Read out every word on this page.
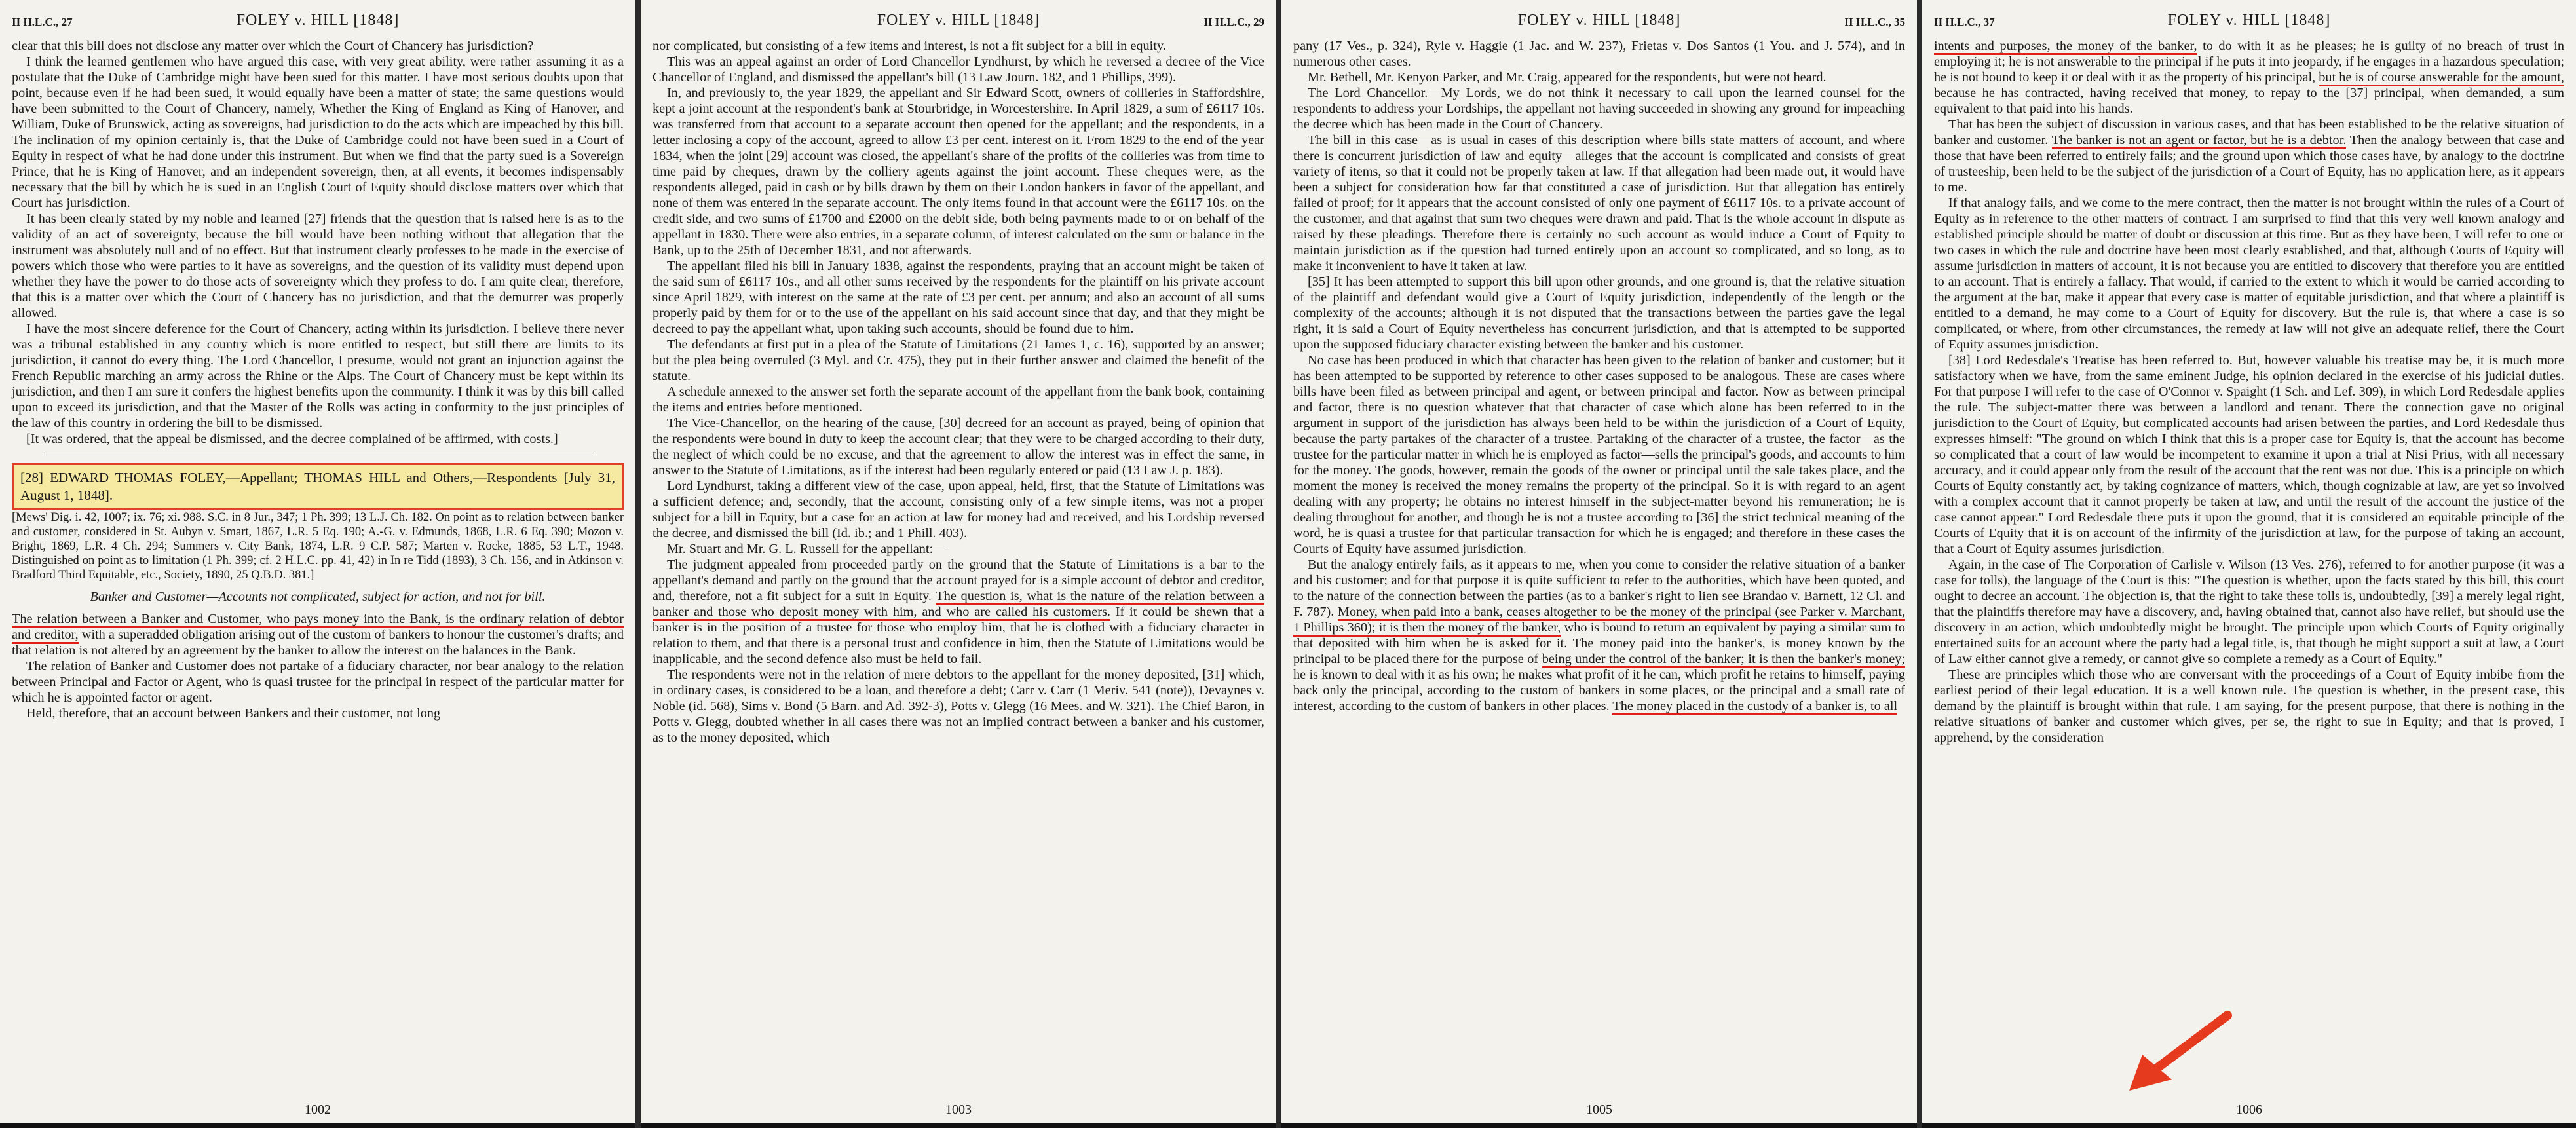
II H.L.C., 27	FOLEY v. HILL [1848]

clear that this bill does not disclose any matter over which the Court of Chancery has jurisdiction?

I think the learned gentlemen who have argued this case, with very great ability, were rather assuming it as a postulate that the Duke of Cambridge might have been sued for this matter. I have most serious doubts upon that point, because even if he had been sued, it would equally have been a matter of state; the same questions would have been submitted to the Court of Chancery, namely, Whether the King of England as King of Hanover, and William, Duke of Brunswick, acting as sovereigns, had jurisdiction to do the acts which are impeached by this bill. The inclination of my opinion certainly is, that the Duke of Cambridge could not have been sued in a Court of Equity in respect of what he had done under this instrument. But when we find that the party sued is a Sovereign Prince, that he is King of Hanover, and an independent sovereign, then, at all events, it becomes indispensably necessary that the bill by which he is sued in an English Court of Equity should disclose matters over which that Court has jurisdiction.

It has been clearly stated by my noble and learned [27] friends that the question that is raised here is as to the validity of an act of sovereignty, because the bill would have been nothing without that allegation that the instrument was absolutely null and of no effect. But that instrument clearly professes to be made in the exercise of powers which those who were parties to it have as sovereigns, and the question of its validity must depend upon whether they have the power to do those acts of sovereignty which they profess to do. I am quite clear, therefore, that this is a matter over which the Court of Chancery has no jurisdiction, and that the demurrer was properly allowed.

I have the most sincere deference for the Court of Chancery, acting within its jurisdiction. I believe there never was a tribunal established in any country which is more entitled to respect, but still there are limits to its jurisdiction, it cannot do every thing. The Lord Chancellor, I presume, would not grant an injunction against the French Republic marching an army across the Rhine or the Alps. The Court of Chancery must be kept within its jurisdiction, and then I am sure it confers the highest benefits upon the community. I think it was by this bill called upon to exceed its jurisdiction, and that the Master of the Rolls was acting in conformity to the just principles of the law of this country in ordering the bill to be dismissed.

[It was ordered, that the appeal be dismissed, and the decree complained of be affirmed, with costs.]

[28] EDWARD THOMAS FOLEY,—Appellant; THOMAS HILL and Others,—Respondents [July 31, August 1, 1848].

[Mews' Dig. i. 42, 1007; ix. 76; xi. 988. S.C. in 8 Jur., 347; 1 Ph. 399; 13 L.J. Ch. 182. On point as to relation between banker and customer, considered in St. Aubyn v. Smart, 1867, L.R. 5 Eq. 190; A.-G. v. Edmunds, 1868, L.R. 6 Eq. 390; Mozon v. Bright, 1869, L.R. 4 Ch. 294; Summers v. City Bank, 1874, L.R. 9 C.P. 587; Marten v. Rocke, 1885, 53 L.T., 1948. Distinguished on point as to limitation (1 Ph. 399; cf. 2 H.L.C. pp. 41, 42) in In re Tidd (1893), 3 Ch. 156, and in Atkinson v. Bradford Third Equitable, etc., Society, 1890, 25 Q.B.D. 381.]

Banker and Customer—Accounts not complicated, subject for action, and not for bill.

The relation between a Banker and Customer, who pays money into the Bank, is the ordinary relation of debtor and creditor, with a superadded obligation arising out of the custom of bankers to honour the customer's drafts; and that relation is not altered by an agreement by the banker to allow the interest on the balances in the Bank.

The relation of Banker and Customer does not partake of a fiduciary character, nor bear analogy to the relation between Principal and Factor or Agent, who is quasi trustee for the principal in respect of the particular matter for which he is appointed factor or agent.

Held, therefore, that an account between Bankers and their customer, not long

1002
FOLEY v. HILL [1848]	II H.L.C., 29

nor complicated, but consisting of a few items and interest, is not a fit subject for a bill in equity.

This was an appeal against an order of Lord Chancellor Lyndhurst, by which he reversed a decree of the Vice Chancellor of England, and dismissed the appellant's bill (13 Law Journ. 182, and 1 Phillips, 399).

In, and previously to, the year 1829, the appellant and Sir Edward Scott, owners of collieries in Staffordshire, kept a joint account at the respondent's bank at Stourbridge, in Worcestershire. In April 1829, a sum of £6117 10s. was transferred from that account to a separate account then opened for the appellant; and the respondents, in a letter inclosing a copy of the account, agreed to allow £3 per cent. interest on it. From 1829 to the end of the year 1834, when the joint [29] account was closed, the appellant's share of the profits of the collieries was from time to time paid by cheques, drawn by the colliery agents against the joint account. These cheques were, as the respondents alleged, paid in cash or by bills drawn by them on their London bankers in favor of the appellant, and none of them was entered in the separate account. The only items found in that account were the £6117 10s. on the credit side, and two sums of £1700 and £2000 on the debit side, both being payments made to or on behalf of the appellant in 1830. There were also entries, in a separate column, of interest calculated on the sum or balance in the Bank, up to the 25th of December 1831, and not afterwards.

The appellant filed his bill in January 1838, against the respondents, praying that an account might be taken of the said sum of £6117 10s., and all other sums received by the respondents for the plaintiff on his private account since April 1829, with interest on the same at the rate of £3 per cent. per annum; and also an account of all sums properly paid by them for or to the use of the appellant on his said account since that day, and that they might be decreed to pay the appellant what, upon taking such accounts, should be found due to him.

The defendants at first put in a plea of the Statute of Limitations (21 James 1, c. 16), supported by an answer; but the plea being overruled (3 Myl. and Cr. 475), they put in their further answer and claimed the benefit of the statute.

A schedule annexed to the answer set forth the separate account of the appellant from the bank book, containing the items and entries before mentioned.

The Vice-Chancellor, on the hearing of the cause, [30] decreed for an account as prayed, being of opinion that the respondents were bound in duty to keep the account clear; that they were to be charged according to their duty, the neglect of which could be no excuse, and that the agreement to allow the interest was in effect the same, in answer to the Statute of Limitations, as if the interest had been regularly entered or paid (13 Law J. p. 183).

Lord Lyndhurst, taking a different view of the case, upon appeal, held, first, that the Statute of Limitations was a sufficient defence; and, secondly, that the account, consisting only of a few simple items, was not a proper subject for a bill in Equity, but a case for an action at law for money had and received, and his Lordship reversed the decree, and dismissed the bill (Id. ib.; and 1 Phill. 403).

Mr. Stuart and Mr. G. L. Russell for the appellant:—

The judgment appealed from proceeded partly on the ground that the Statute of Limitations is a bar to the appellant's demand and partly on the ground that the account prayed for is a simple account of debtor and creditor, and, therefore, not a fit subject for a suit in Equity. The question is, what is the nature of the relation between a banker and those who deposit money with him, and who are called his customers. If it could be shewn that a banker is in the position of a trustee for those who employ him, that he is clothed with a fiduciary character in relation to them, and that there is a personal trust and confidence in him, then the Statute of Limitations would be inapplicable, and the second defence also must be held to fail.

The respondents were not in the relation of mere debtors to the appellant for the money deposited, [31] which, in ordinary cases, is considered to be a loan, and therefore a debt; Carr v. Carr (1 Meriv. 541 (note)), Devaynes v. Noble (id. 568), Sims v. Bond (5 Barn. and Ad. 392-3), Potts v. Glegg (16 Mees. and W. 321). The Chief Baron, in Potts v. Glegg, doubted whether in all cases there was not an implied contract between a banker and his customer, as to the money deposited, which

1003
FOLEY v. HILL [1848]	II H.L.C., 35

pany (17 Ves., p. 324), Ryle v. Haggie (1 Jac. and W. 237), Frietas v. Dos Santos (1 You. and J. 574), and in numerous other cases.

Mr. Bethell, Mr. Kenyon Parker, and Mr. Craig, appeared for the respondents, but were not heard.

The Lord Chancellor.—My Lords, we do not think it necessary to call upon the learned counsel for the respondents to address your Lordships, the appellant not having succeeded in showing any ground for impeaching the decree which has been made in the Court of Chancery.

The bill in this case—as is usual in cases of this description where bills state matters of account, and where there is concurrent jurisdiction of law and equity—alleges that the account is complicated and consists of great variety of items, so that it could not be properly taken at law. If that allegation had been made out, it would have been a subject for consideration how far that constituted a case of jurisdiction. But that allegation has entirely failed of proof; for it appears that the account consisted of only one payment of £6117 10s. to a private account of the customer, and that against that sum two cheques were drawn and paid. That is the whole account in dispute as raised by these pleadings. Therefore there is certainly no such account as would induce a Court of Equity to maintain jurisdiction as if the question had turned entirely upon an account so complicated, and so long, as to make it inconvenient to have it taken at law.

[35] It has been attempted to support this bill upon other grounds, and one ground is, that the relative situation of the plaintiff and defendant would give a Court of Equity jurisdiction, independently of the length or the complexity of the accounts; although it is not disputed that the transactions between the parties gave the legal right, it is said a Court of Equity nevertheless has concurrent jurisdiction, and that is attempted to be supported upon the supposed fiduciary character existing between the banker and his customer.

No case has been produced in which that character has been given to the relation of banker and customer; but it has been attempted to be supported by reference to other cases supposed to be analogous. These are cases where bills have been filed as between principal and agent, or between principal and factor. Now as between principal and factor, there is no question whatever that that character of case which alone has been referred to in the argument in support of the jurisdiction has always been held to be within the jurisdiction of a Court of Equity, because the party partakes of the character of a trustee. Partaking of the character of a trustee, the factor—as the trustee for the particular matter in which he is employed as factor—sells the principal's goods, and accounts to him for the money. The goods, however, remain the goods of the owner or principal until the sale takes place, and the moment the money is received the money remains the property of the principal. So it is with regard to an agent dealing with any property; he obtains no interest himself in the subject-matter beyond his remuneration; he is dealing throughout for another, and though he is not a trustee according to [36] the strict technical meaning of the word, he is quasi a trustee for that particular transaction for which he is engaged; and therefore in these cases the Courts of Equity have assumed jurisdiction.

But the analogy entirely fails, as it appears to me, when you come to consider the relative situation of a banker and his customer; and for that purpose it is quite sufficient to refer to the authorities, which have been quoted, and to the nature of the connection between the parties (as to a banker's right to lien see Brandao v. Barnett, 12 Cl. and F. 787). Money, when paid into a bank, ceases altogether to be the money of the principal (see Parker v. Marchant, 1 Phillips 360); it is then the money of the banker, who is bound to return an equivalent by paying a similar sum to that deposited with him when he is asked for it. The money paid into the banker's, is money known by the principal to be placed there for the purpose of being under the control of the banker; it is then the banker's money; he is known to deal with it as his own; he makes what profit of it he can, which profit he retains to himself, paying back only the principal, according to the custom of bankers in some places, or the principal and a small rate of interest, according to the custom of bankers in other places. The money placed in the custody of a banker is, to all

1005
II H.L.C., 37	FOLEY v. HILL [1848]

intents and purposes, the money of the banker, to do with it as he pleases; he is guilty of no breach of trust in employing it; he is not answerable to the principal if he puts it into jeopardy, if he engages in a hazardous speculation; he is not bound to keep it or deal with it as the property of his principal, but he is of course answerable for the amount, because he has contracted, having received that money, to repay to the [37] principal, when demanded, a sum equivalent to that paid into his hands.

That has been the subject of discussion in various cases, and that has been established to be the relative situation of banker and customer. The banker is not an agent or factor, but he is a debtor. Then the analogy between that case and those that have been referred to entirely fails; and the ground upon which those cases have, by analogy to the doctrine of trusteeship, been held to be the subject of the jurisdiction of a Court of Equity, has no application here, as it appears to me.

If that analogy fails, and we come to the mere contract, then the matter is not brought within the rules of a Court of Equity as in reference to the other matters of contract. I am surprised to find that this very well known analogy and established principle should be matter of doubt or discussion at this time. But as they have been, I will refer to one or two cases in which the rule and doctrine have been most clearly established, and that, although Courts of Equity will assume jurisdiction in matters of account, it is not because you are entitled to discovery that therefore you are entitled to an account. That is entirely a fallacy. That would, if carried to the extent to which it would be carried according to the argument at the bar, make it appear that every case is matter of equitable jurisdiction, and that where a plaintiff is entitled to a demand, he may come to a Court of Equity for discovery. But the rule is, that where a case is so complicated, or where, from other circumstances, the remedy at law will not give an adequate relief, there the Court of Equity assumes jurisdiction.

[38] Lord Redesdale's Treatise has been referred to. But, however valuable his treatise may be, it is much more satisfactory when we have, from the same eminent Judge, his opinion declared in the exercise of his judicial duties. For that purpose I will refer to the case of O'Connor v. Spaight (1 Sch. and Lef. 309), in which Lord Redesdale applies the rule. The subject-matter there was between a landlord and tenant. There the connection gave no original jurisdiction to the Court of Equity, but complicated accounts had arisen between the parties, and Lord Redesdale thus expresses himself: "The ground on which I think that this is a proper case for Equity is, that the account has become so complicated that a court of law would be incompetent to examine it upon a trial at Nisi Prius, with all necessary accuracy, and it could appear only from the result of the account that the rent was not due. This is a principle on which Courts of Equity constantly act, by taking cognizance of matters, which, though cognizable at law, are yet so involved with a complex account that it cannot properly be taken at law, and until the result of the account the justice of the case cannot appear." Lord Redesdale there puts it upon the ground, that it is considered an equitable principle of the Courts of Equity that it is on account of the infirmity of the jurisdiction at law, for the purpose of taking an account, that a Court of Equity assumes jurisdiction.

Again, in the case of The Corporation of Carlisle v. Wilson (13 Ves. 276), referred to for another purpose (it was a case for tolls), the language of the Court is this: "The question is whether, upon the facts stated by this bill, this court ought to decree an account. The objection is, that the right to take these tolls is, undoubtedly, [39] a merely legal right, that the plaintiffs therefore may have a discovery, and, having obtained that, cannot also have relief, but should use the discovery in an action, which undoubtedly might be brought. The principle upon which Courts of Equity originally entertained suits for an account where the party had a legal title, is, that though he might support a suit at law, a Court of Law either cannot give a remedy, or cannot give so complete a remedy as a Court of Equity."

These are principles which those who are conversant with the proceedings of a Court of Equity imbibe from the earliest period of their legal education. It is a well known rule. The question is whether, in the present case, this demand by the plaintiff is brought within that rule. I am saying, for the present purpose, that there is nothing in the relative situations of banker and customer which gives, per se, the right to sue in Equity; and that is proved, I apprehend, by the consideration

1006
